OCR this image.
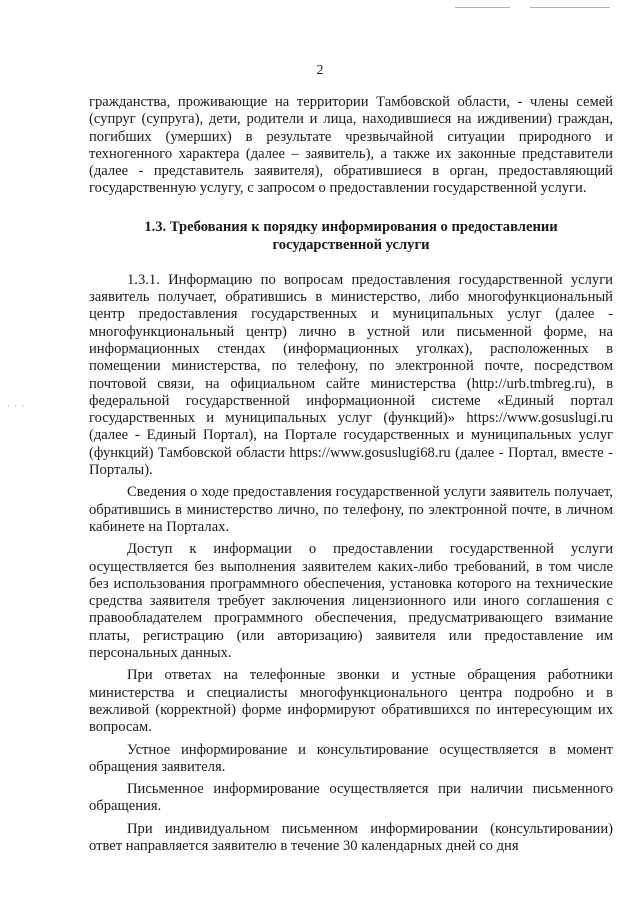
2
· · ·

гражданства, проживающие на территории Тамбовской области, - члены семей (супруг (супруга), дети, родители и лица, находившиеся на иждивении) граждан, погибших (умерших) в результате чрезвычайной ситуации природного и техногенного характера (далее – заявитель), а также их законные представители (далее - представитель заявителя), обратившиеся в орган, предоставляющий государственную услугу, с запросом о предоставлении государственной услуги.

1.3. Требования к порядку информирования о предоставлении государственной услуги

1.3.1. Информацию по вопросам предоставления государственной услуги заявитель получает, обратившись в министерство, либо многофункциональный центр предоставления государственных и муниципальных услуг (далее - многофункциональный центр) лично в устной или письменной форме, на информационных стендах (информационных уголках), расположенных в помещении министерства, по телефону, по электронной почте, посредством почтовой связи, на официальном сайте министерства (http://urb.tmbreg.ru), в федеральной государственной информационной системе «Единый портал государственных и муниципальных услуг (функций)» https://www.gosuslugi.ru (далее - Единый Портал), на Портале государственных и муниципальных услуг (функций) Тамбовской области https://www.gosuslugi68.ru (далее - Портал, вместе - Порталы).

Сведения о ходе предоставления государственной услуги заявитель получает, обратившись в министерство лично, по телефону, по электронной почте, в личном кабинете на Порталах.

Доступ к информации о предоставлении государственной услуги осуществляется без выполнения заявителем каких-либо требований, в том числе без использования программного обеспечения, установка которого на технические средства заявителя требует заключения лицензионного или иного соглашения с правообладателем программного обеспечения, предусматривающего взимание платы, регистрацию (или авторизацию) заявителя или предоставление им персональных данных.

При ответах на телефонные звонки и устные обращения работники министерства и специалисты многофункционального центра подробно и в вежливой (корректной) форме информируют обратившихся по интересующим их вопросам.

Устное информирование и консультирование осуществляется в момент обращения заявителя.

Письменное информирование осуществляется при наличии письменного обращения.

При индивидуальном письменном информировании (консультировании) ответ направляется заявителю в течение 30 календарных дней со дня
